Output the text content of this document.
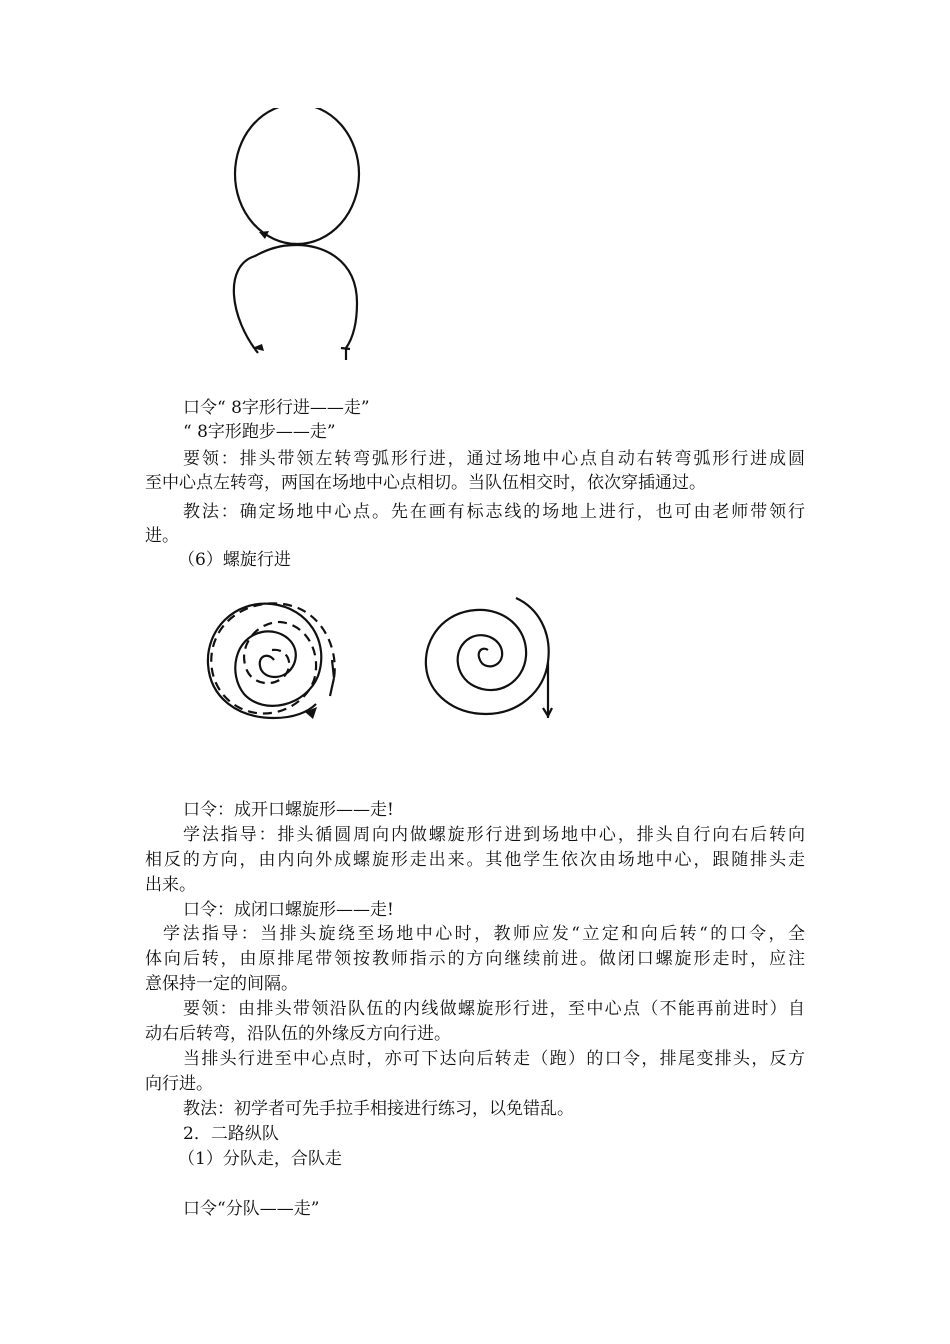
口令“ 8字形行进——走”
“ 8字形跑步——走”
要领：排头带领左转弯弧形行进，通过场地中心点自动右转弯弧形行进成圆
至中心点左转弯，两国在场地中心点相切。当队伍相交时，依次穿插通过。
教法：确定场地中心点。先在画有标志线的场地上进行，也可由老师带领行
进。
（6）螺旋行进
口令：成开口螺旋形——走!
学法指导：排头循圆周向内做螺旋形行进到场地中心，排头自行向右后转向
相反的方向，由内向外成螺旋形走出来。其他学生依次由场地中心，跟随排头走
出来。
口令：成闭口螺旋形——走!
学法指导：当排头旋绕至场地中心时，教师应发“立定和向后转“的口令，全
体向后转，由原排尾带领按教师指示的方向继续前进。做闭口螺旋形走时，应注
意保持一定的间隔。
要领：由排头带领沿队伍的内线做螺旋形行进，至中心点（不能再前进时）自
动右后转弯，沿队伍的外缘反方向行进。
当排头行进至中心点时，亦可下达向后转走（跑）的口令，排尾变排头，反方
向行进。
教法：初学者可先手拉手相接进行练习，以免错乱。
2．二路纵队
（1）分队走，合队走
口令“分队——走”
